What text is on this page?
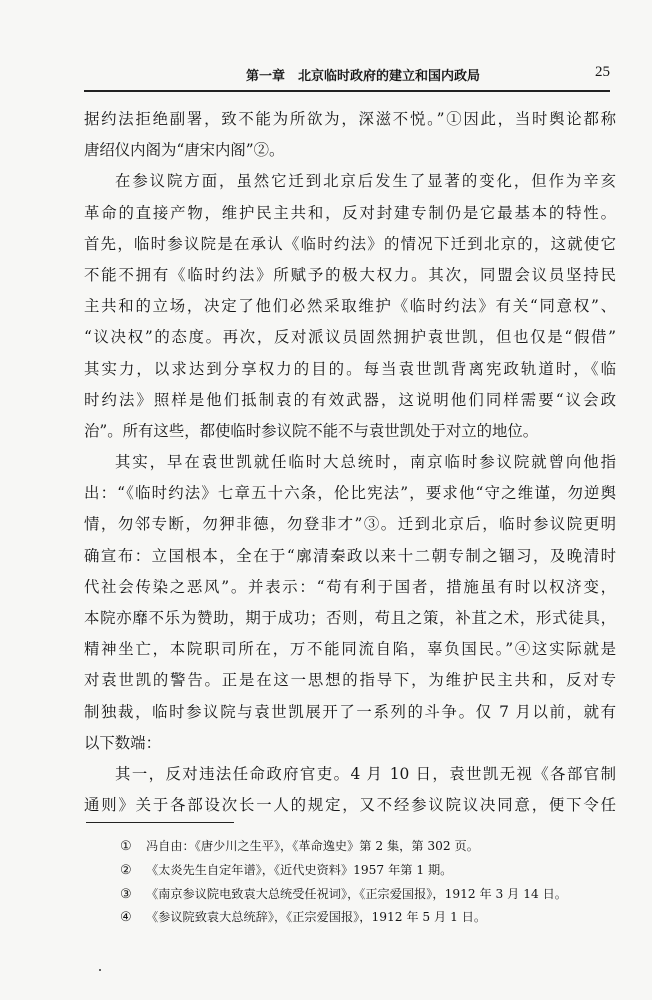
第一章　北京临时政府的建立和国内政局	25
据约法拒绝副署，致不能为所欲为，深滋不悦。”①因此，当时舆论都称
唐绍仪内阁为“唐宋内阁”②。
在参议院方面，虽然它迁到北京后发生了显著的变化，但作为辛亥
革命的直接产物，维护民主共和，反对封建专制仍是它最基本的特性。
首先，临时参议院是在承认《临时约法》的情况下迁到北京的，这就使它
不能不拥有《临时约法》所赋予的极大权力。其次，同盟会议员坚持民
主共和的立场，决定了他们必然采取维护《临时约法》有关“同意权”、
“议决权”的态度。再次，反对派议员固然拥护袁世凯，但也仅是“假借”
其实力，以求达到分享权力的目的。每当袁世凯背离宪政轨道时，《临
时约法》照样是他们抵制袁的有效武器，这说明他们同样需要“议会政
治”。所有这些，都使临时参议院不能不与袁世凯处于对立的地位。
其实，早在袁世凯就任临时大总统时，南京临时参议院就曾向他指
出：“《临时约法》七章五十六条，伦比宪法”，要求他“守之维谨，勿逆舆
情，勿邻专断，勿狎非德，勿登非才”③。迁到北京后，临时参议院更明
确宣布：立国根本，全在于“廓清秦政以来十二朝专制之锢习，及晚清时
代社会传染之恶风”。并表示：“苟有利于国者，措施虽有时以权济变，
本院亦靡不乐为赞助，期于成功；否则，苟且之策，补苴之术，形式徒具，
精神坐亡，本院职司所在，万不能同流自陷，辜负国民。”④这实际就是
对袁世凯的警告。正是在这一思想的指导下，为维护民主共和，反对专
制独裁，临时参议院与袁世凯展开了一系列的斗争。仅 7 月以前，就有
以下数端：
其一，反对违法任命政府官吏。4 月 10 日，袁世凯无视《各部官制
通则》关于各部设次长一人的规定，又不经参议院议决同意，便下令任
①	冯自由：《唐少川之生平》，《革命逸史》第 2 集，第 302 页。
②	《太炎先生自定年谱》，《近代史资料》1957 年第 1 期。
③	《南京参议院电致袁大总统受任祝词》，《正宗爱国报》，1912 年 3 月 14 日。
④	《参议院致袁大总统辞》，《正宗爱国报》，1912 年 5 月 1 日。
